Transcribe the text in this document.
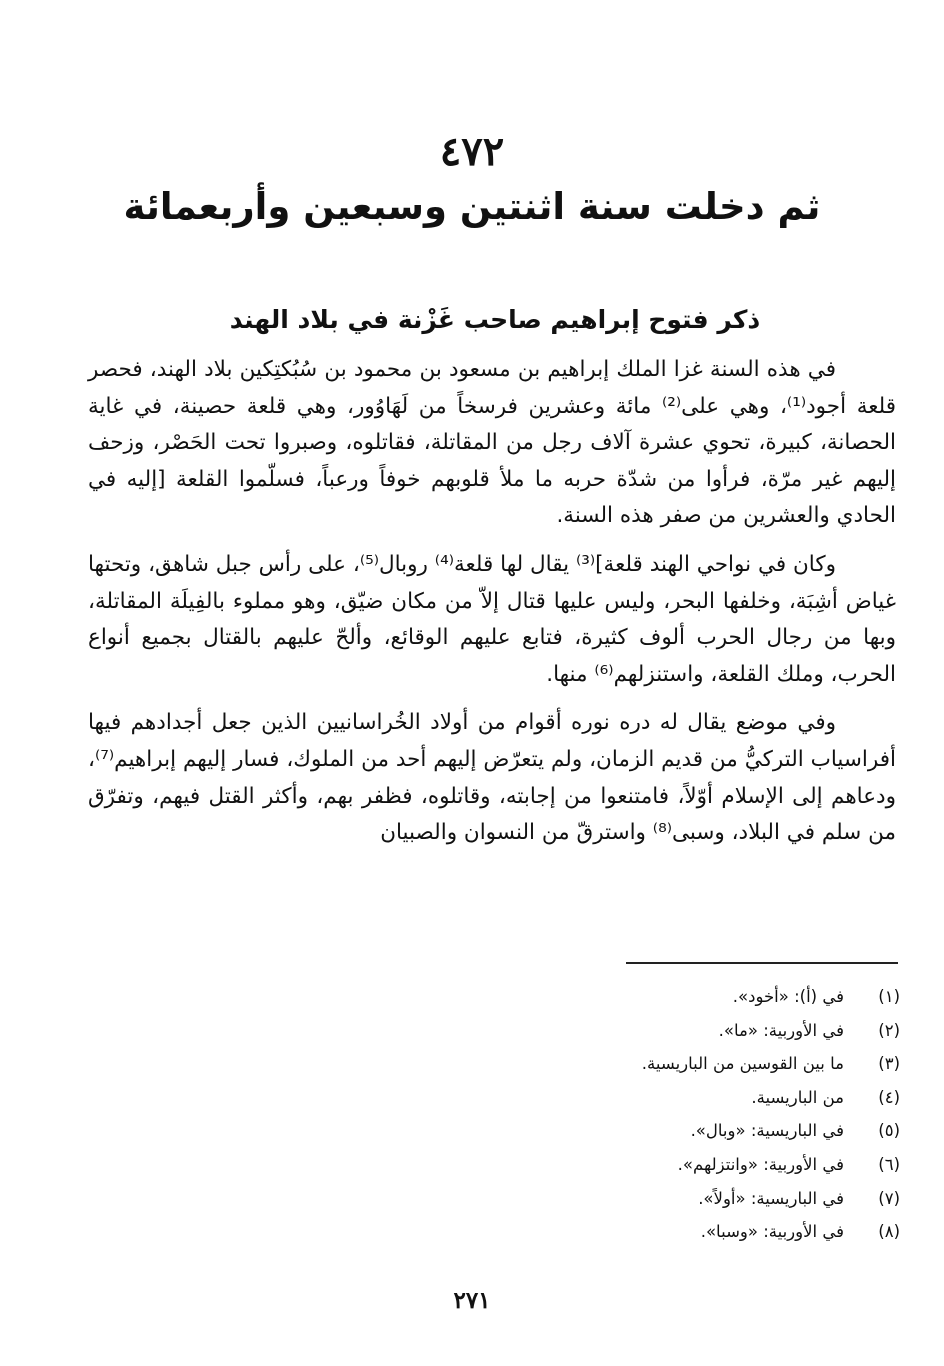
٤٧٢
ثم دخلت سنة اثنتين وسبعين وأربعمائة
ذكر فتوح إبراهيم صاحب غَزْنة في بلاد الهند

في هذه السنة غزا الملك إبراهيم بن مسعود بن محمود بن سُبُكتِكين بلاد الهند، فحصر قلعة أجود⁽¹⁾، وهي على⁽²⁾ مائة وعشرين فرسخاً من لَهَاوُور، وهي قلعة حصينة، في غاية الحصانة، كبيرة، تحوي عشرة آلاف رجل من المقاتلة، فقاتلوه، وصبروا تحت الحَصْر، وزحف إليهم غير مرّة، فرأوا من شدّة حربه ما ملأ قلوبهم خوفاً ورعباً، فسلّموا القلعة [إليه في الحادي والعشرين من صفر هذه السنة.

وكان في نواحي الهند قلعة]⁽³⁾ يقال لها قلعة⁽⁴⁾ روبال⁽⁵⁾، على رأس جبل شاهق، وتحتها غياض أشِبَة، وخلفها البحر، وليس عليها قتال إلاّ من مكان ضيّق، وهو مملوء بالفِيلَة المقاتلة، وبها من رجال الحرب ألوف كثيرة، فتابع عليهم الوقائع، وألحّ عليهم بالقتال بجميع أنواع الحرب، وملك القلعة، واستنزلهم⁽⁶⁾ منها.

وفي موضع يقال له دره نوره أقوام من أولاد الخُراسانيين الذين جعل أجدادهم فيها أفراسياب التركيُّ من قديم الزمان، ولم يتعرّض إليهم أحد من الملوك، فسار إليهم إبراهيم⁽⁷⁾، ودعاهم إلى الإسلام أوّلاً، فامتنعوا من إجابته، وقاتلوه، فظفر بهم، وأكثر القتل فيهم، وتفرّق من سلم في البلاد، وسبى⁽⁸⁾ واسترقّ من النسوان والصبيان

(١)
في (أ): «أخود».
(٢)
في الأوربية: «ما».
(٣)
ما بين القوسين من الباريسية.
(٤)
من الباريسية.
(٥)
في الباريسية: «وبال».
(٦)
في الأوربية: «وانتزلهم».
(٧)
في الباريسية: «أولاً».
(٨)
في الأوربية: «وسبا».
٢٧١
